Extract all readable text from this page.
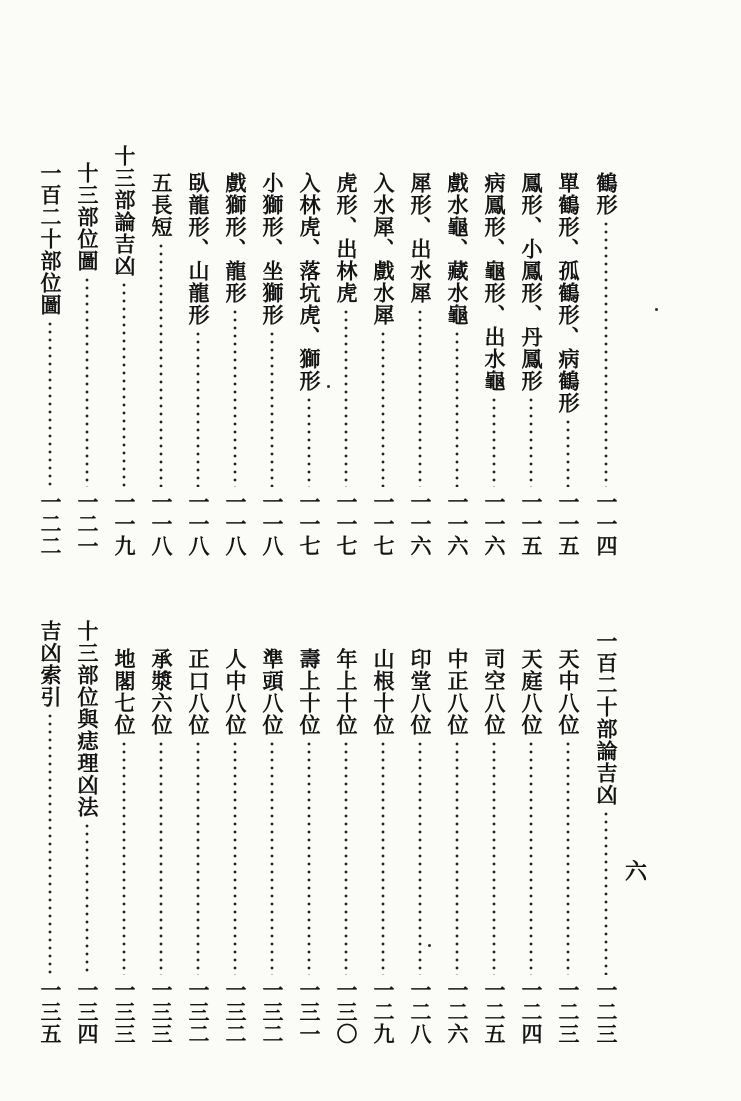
鶴形
一一四
單鶴形、孤鶴形、病鶴形
一一五
鳳形、小鳳形、丹鳳形
一一五
病鳳形、龜形、出水龜
一一六
戲水龜、藏水龜
一一六
犀形、出水犀
一一六
入水犀、戲水犀
一一七
虎形、出林虎
一一七
入林虎、落坑虎、獅形
一一七
小獅形、坐獅形
一一八
戲獅形、龍形
一一八
臥龍形、山龍形
一一八
五長短
一一八
十三部論吉凶
一一九
十三部位圖
一二一
一百二十部位圖
一二二
一百二十部論吉凶
一二三
天中八位
一二三
天庭八位
一二四
司空八位
一二五
中正八位
一二六
印堂八位
一二八
山根十位
一二九
年上十位
一三〇
壽上十位
一三一
準頭八位
一三二
人中八位
一三二
正口八位
一三二
承漿六位
一三三
地閣七位
一三三
十三部位與痣理凶法
一三四
吉凶索引
一三五
六
